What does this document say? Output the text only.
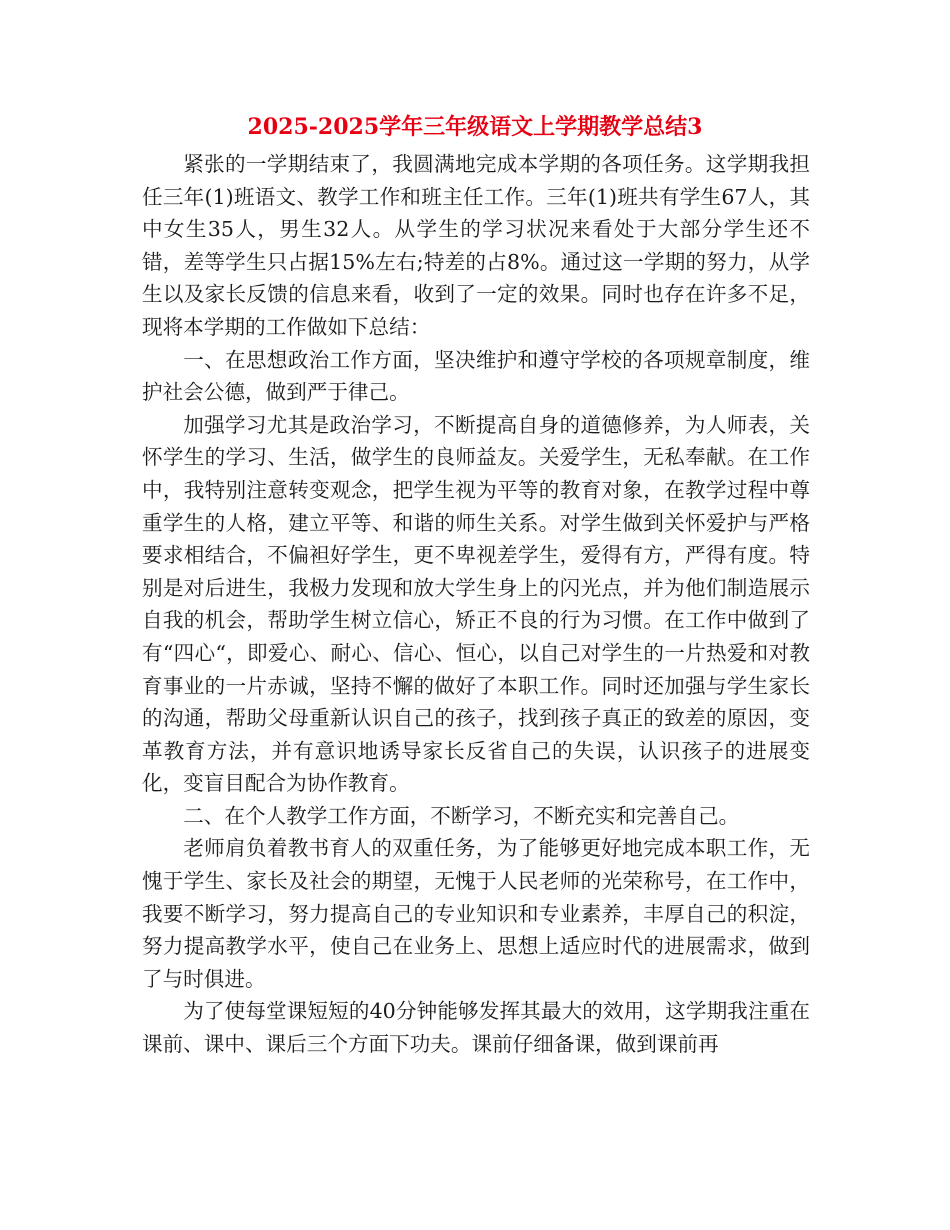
2025-2025学年三年级语文上学期教学总结3

紧张的一学期结束了，我圆满地完成本学期的各项任务。这学期我担任三年(1)班语文、教学工作和班主任工作。三年(1)班共有学生67人，其中女生35人，男生32人。从学生的学习状况来看处于大部分学生还不错，差等学生只占据15%左右;特差的占8%。通过这一学期的努力，从学生以及家长反馈的信息来看，收到了一定的效果。同时也存在许多不足，现将本学期的工作做如下总结：

一、在思想政治工作方面，坚决维护和遵守学校的各项规章制度，维护社会公德，做到严于律己。

加强学习尤其是政治学习，不断提高自身的道德修养，为人师表，关怀学生的学习、生活，做学生的良师益友。关爱学生，无私奉献。在工作中，我特别注意转变观念，把学生视为平等的教育对象，在教学过程中尊重学生的人格，建立平等、和谐的师生关系。对学生做到关怀爱护与严格要求相结合，不偏袒好学生，更不卑视差学生，爱得有方，严得有度。特别是对后进生，我极力发现和放大学生身上的闪光点，并为他们制造展示自我的机会，帮助学生树立信心，矫正不良的行为习惯。在工作中做到了有“四心“，即爱心、耐心、信心、恒心，以自己对学生的一片热爱和对教育事业的一片赤诚，坚持不懈的做好了本职工作。同时还加强与学生家长的沟通，帮助父母重新认识自己的孩子，找到孩子真正的致差的原因，变革教育方法，并有意识地诱导家长反省自己的失误，认识孩子的进展变化，变盲目配合为协作教育。

二、在个人教学工作方面，不断学习，不断充实和完善自己。

老师肩负着教书育人的双重任务，为了能够更好地完成本职工作，无愧于学生、家长及社会的期望，无愧于人民老师的光荣称号，在工作中，我要不断学习，努力提高自己的专业知识和专业素养，丰厚自己的积淀，努力提高教学水平，使自己在业务上、思想上适应时代的进展需求，做到了与时俱进。

为了使每堂课短短的40分钟能够发挥其最大的效用，这学期我注重在课前、课中、课后三个方面下功夫。课前仔细备课，做到课前再
